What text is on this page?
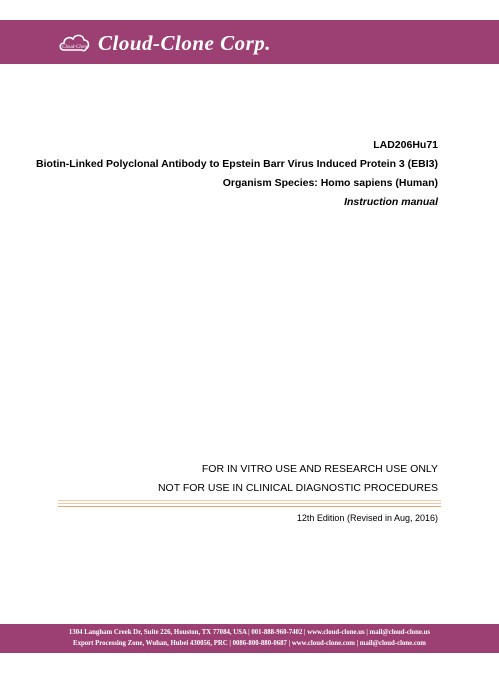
Cloud-Clone Cloud-Clone Corp.
LAD206Hu71
Biotin-Linked Polyclonal Antibody to Epstein Barr Virus Induced Protein 3 (EBI3)
Organism Species: Homo sapiens (Human)
Instruction manual
FOR IN VITRO USE AND RESEARCH USE ONLY
NOT FOR USE IN CLINICAL DIAGNOSTIC PROCEDURES
12th Edition (Revised in Aug, 2016)
1304 Langham Creek Dr, Suite 226, Houston, TX 77084, USA | 001-888-960-7402 | www.cloud-clone.us | mail@cloud-clone.us
Export Processing Zone, Wuhan, Hubei 430056, PRC | 0086-800-880-0687 | www.cloud-clone.com | mail@cloud-clone.com
